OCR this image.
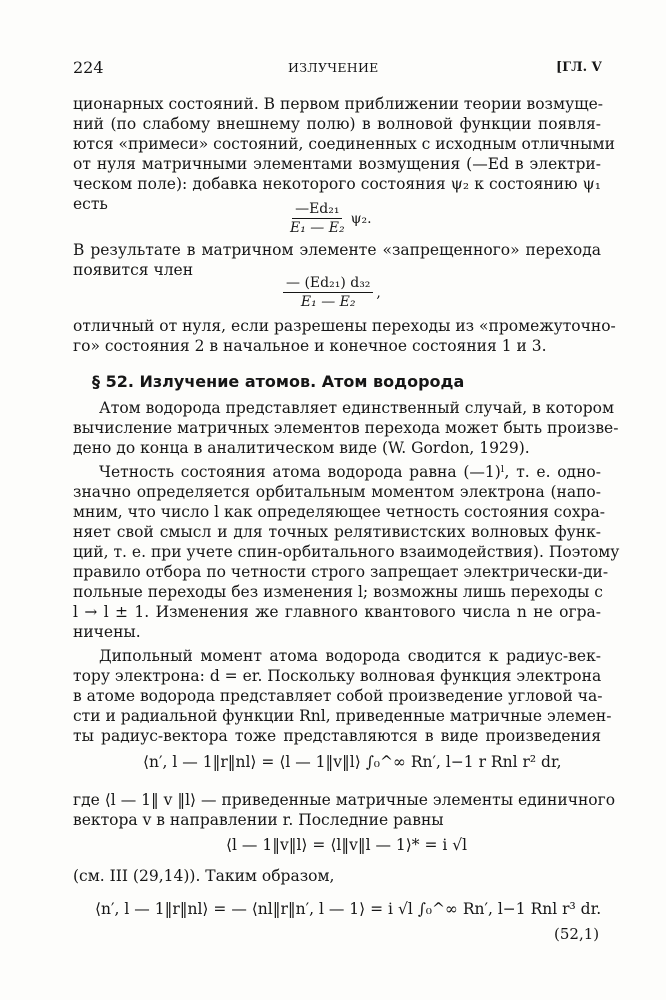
224	ИЗЛУЧЕНИЕ	[ГЛ. V
ционарных состояний. В первом приближении теории возмуще-
ний (по слабому внешнему полю) в волновой функции появля-
ются «примеси» состояний, соединенных с исходным отличными
от нуля матричными элементами возмущения (—Ed в электри-
ческом поле): добавка некоторого состояния ψ₂ к состоянию ψ₁
есть	$\frac{\text{—Ed₂₁}}{\text{E₁ — E₂}} \psi_2$.
В результате в матричном элементе «запрещенного» перехода
появится член
$\frac{\text{— (Ed₂₁) d₃₂}}{\text{E₁ — E₂}}$ ,
отличный от нуля, если разрешены переходы из «промежуточно-
го» состояния 2 в начальное и конечное состояния 1 и 3.
§ 52. Излучение атомов. Атом водорода
Атом водорода представляет единственный случай, в котором
вычисление матричных элементов перехода может быть произве-
дено до конца в аналитическом виде (W. Gordon, 1929).
Четность состояния атома водорода равна (—1)ˡ, т. е. одно-
значно определяется орбитальным моментом электрона (напо-
мним, что число l как определяющее четность состояния сохра-
няет свой смысл и для точных релятивистских волновых функ-
ций, т. е. при учете спин-орбитального взаимодействия). Поэтому
правило отбора по четности строго запрещает электрически-ди-
польные переходы без изменения l; возможны лишь переходы с
l → l ± 1. Изменения же главного квантового числа n не огра-
ничены.
Дипольный момент атома водорода сводится к радиус-век-
тору электрона: d = er. Поскольку волновая функция электрона
в атоме водорода представляет собой произведение угловой ча-
сти и радиальной функции Rnl, приведенные матричные элемен-
ты радиус-вектора тоже представляются в виде произведения
⟨n′, l — 1‖r‖nl⟩ = ⟨l — 1‖v‖l⟩ ∫₀^∞ Rn′, l−1 r Rnl r² dr,
где ⟨l — 1‖ v ‖l⟩ — приведенные матричные элементы единичного
вектора v в направлении r. Последние равны
⟨l — 1‖v‖l⟩ = ⟨l‖v‖l — 1⟩* = i √l
(см. III (29,14)). Таким образом,
⟨n′, l — 1‖r‖nl⟩ = — ⟨nl‖r‖n′, l — 1⟩ = i √l ∫₀^∞ Rn′, l−1 Rnl r³ dr.
(52,1)
